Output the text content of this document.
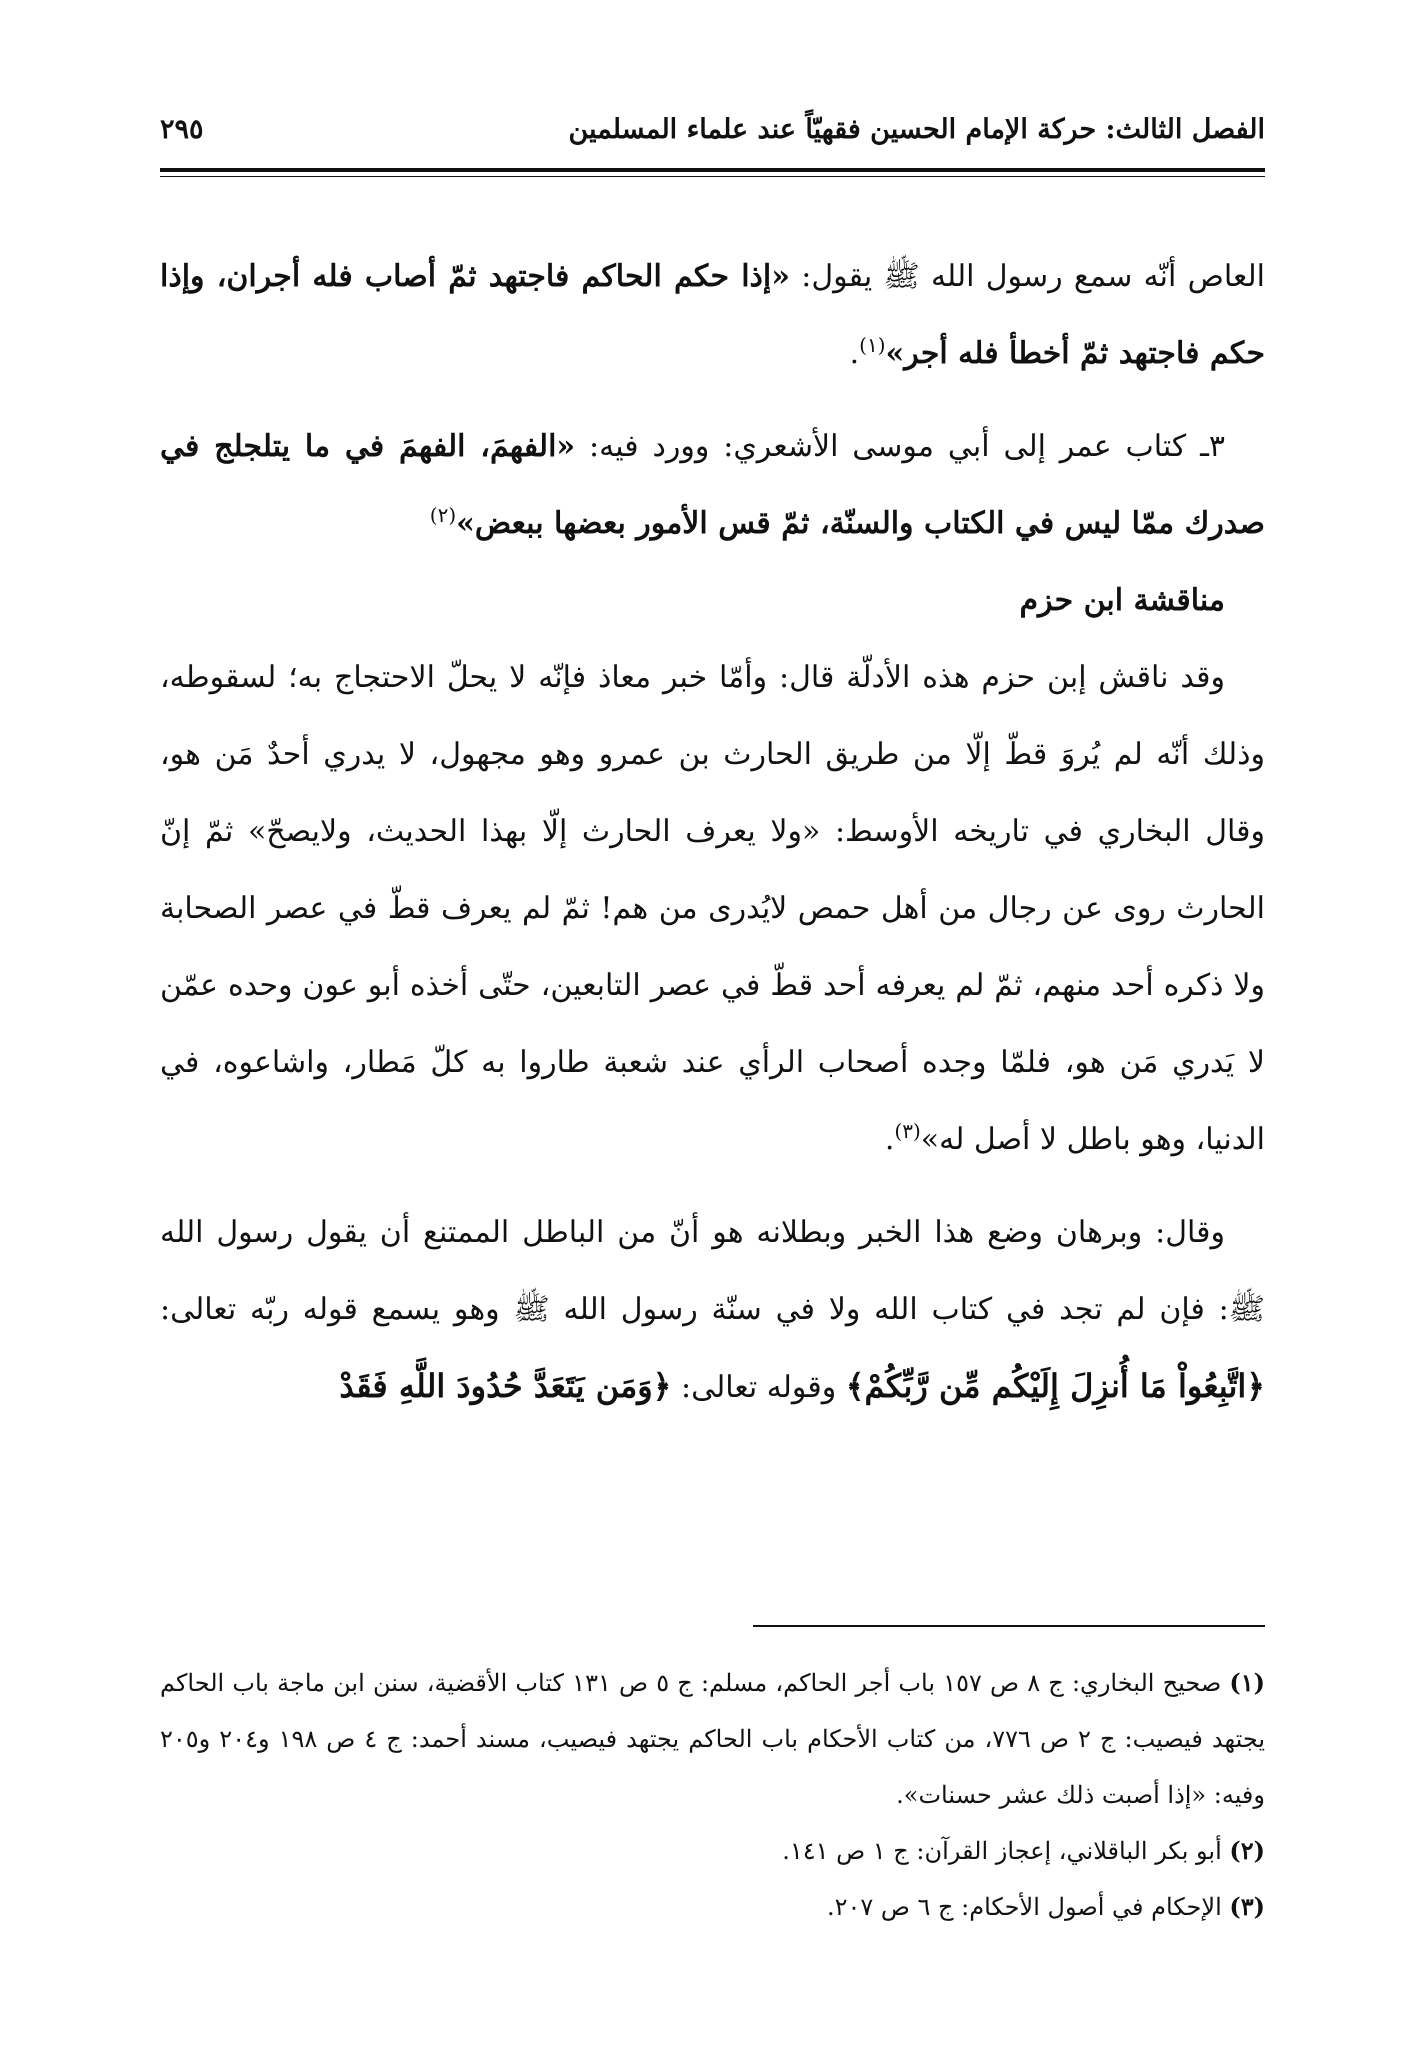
الفصل الثالث: حركة الإمام الحسين فقهيّاً عند علماء المسلمين
٢٩٥

العاص أنّه سمع رسول الله ﷺ يقول: «إذا حكم الحاكم فاجتهد ثمّ أصاب فله أجران، وإذا حكم فاجتهد ثمّ أخطأ فله أجر»$^{(١)}$.

٣ـ كتاب عمر إلى أبي موسى الأشعري: وورد فيه: «الفهمَ، الفهمَ في ما يتلجلج في صدرك ممّا ليس في الكتاب والسنّة، ثمّ قس الأمور بعضها ببعض»$^{(٢)}$

مناقشة ابن حزم

وقد ناقش إبن حزم هذه الأدلّة قال: وأمّا خبر معاذ فإنّه لا يحلّ الاحتجاج به؛ لسقوطه، وذلك أنّه لم يُروَ قطّ إلّا من طريق الحارث بن عمرو وهو مجهول، لا يدري أحدٌ مَن هو، وقال البخاري في تاريخه الأوسط: «ولا يعرف الحارث إلّا بهذا الحديث، ولايصحّ» ثمّ إنّ الحارث روى عن رجال من أهل حمص لايُدرى من هم! ثمّ لم يعرف قطّ في عصر الصحابة ولا ذكره أحد منهم، ثمّ لم يعرفه أحد قطّ في عصر التابعين، حتّى أخذه أبو عون وحده عمّن لا يَدري مَن هو، فلمّا وجده أصحاب الرأي عند شعبة طاروا به كلّ مَطار، واشاعوه، في الدنيا، وهو باطل لا أصل له»$^{(٣)}$.

وقال: وبرهان وضع هذا الخبر وبطلانه هو أنّ من الباطل الممتنع أن يقول رسول الله ﷺ: فإن لم تجد في كتاب الله ولا في سنّة رسول الله ﷺ وهو يسمع قوله ربّه تعالى: ﴿اتَّبِعُواْ مَا أُنزِلَ إِلَيْكُم مِّن رَّبِّكُمْ﴾ وقوله تعالى: ﴿وَمَن يَتَعَدَّ حُدُودَ اللَّهِ فَقَدْ

(١) صحيح البخاري: ج ٨ ص ١٥٧ باب أجر الحاكم، مسلم: ج ٥ ص ١٣١ كتاب الأقضية، سنن ابن ماجة باب الحاكم يجتهد فيصيب: ج ٢ ص ٧٧٦، من كتاب الأحكام باب الحاكم يجتهد فيصيب، مسند أحمد: ج ٤ ص ١٩٨ و٢٠٤ و٢٠٥ وفيه: «إذا أصبت ذلك عشر حسنات».

(٢) أبو بكر الباقلاني، إعجاز القرآن: ج ١ ص ١٤١.

(٣) الإحكام في أصول الأحكام: ج ٦ ص ٢٠٧.
